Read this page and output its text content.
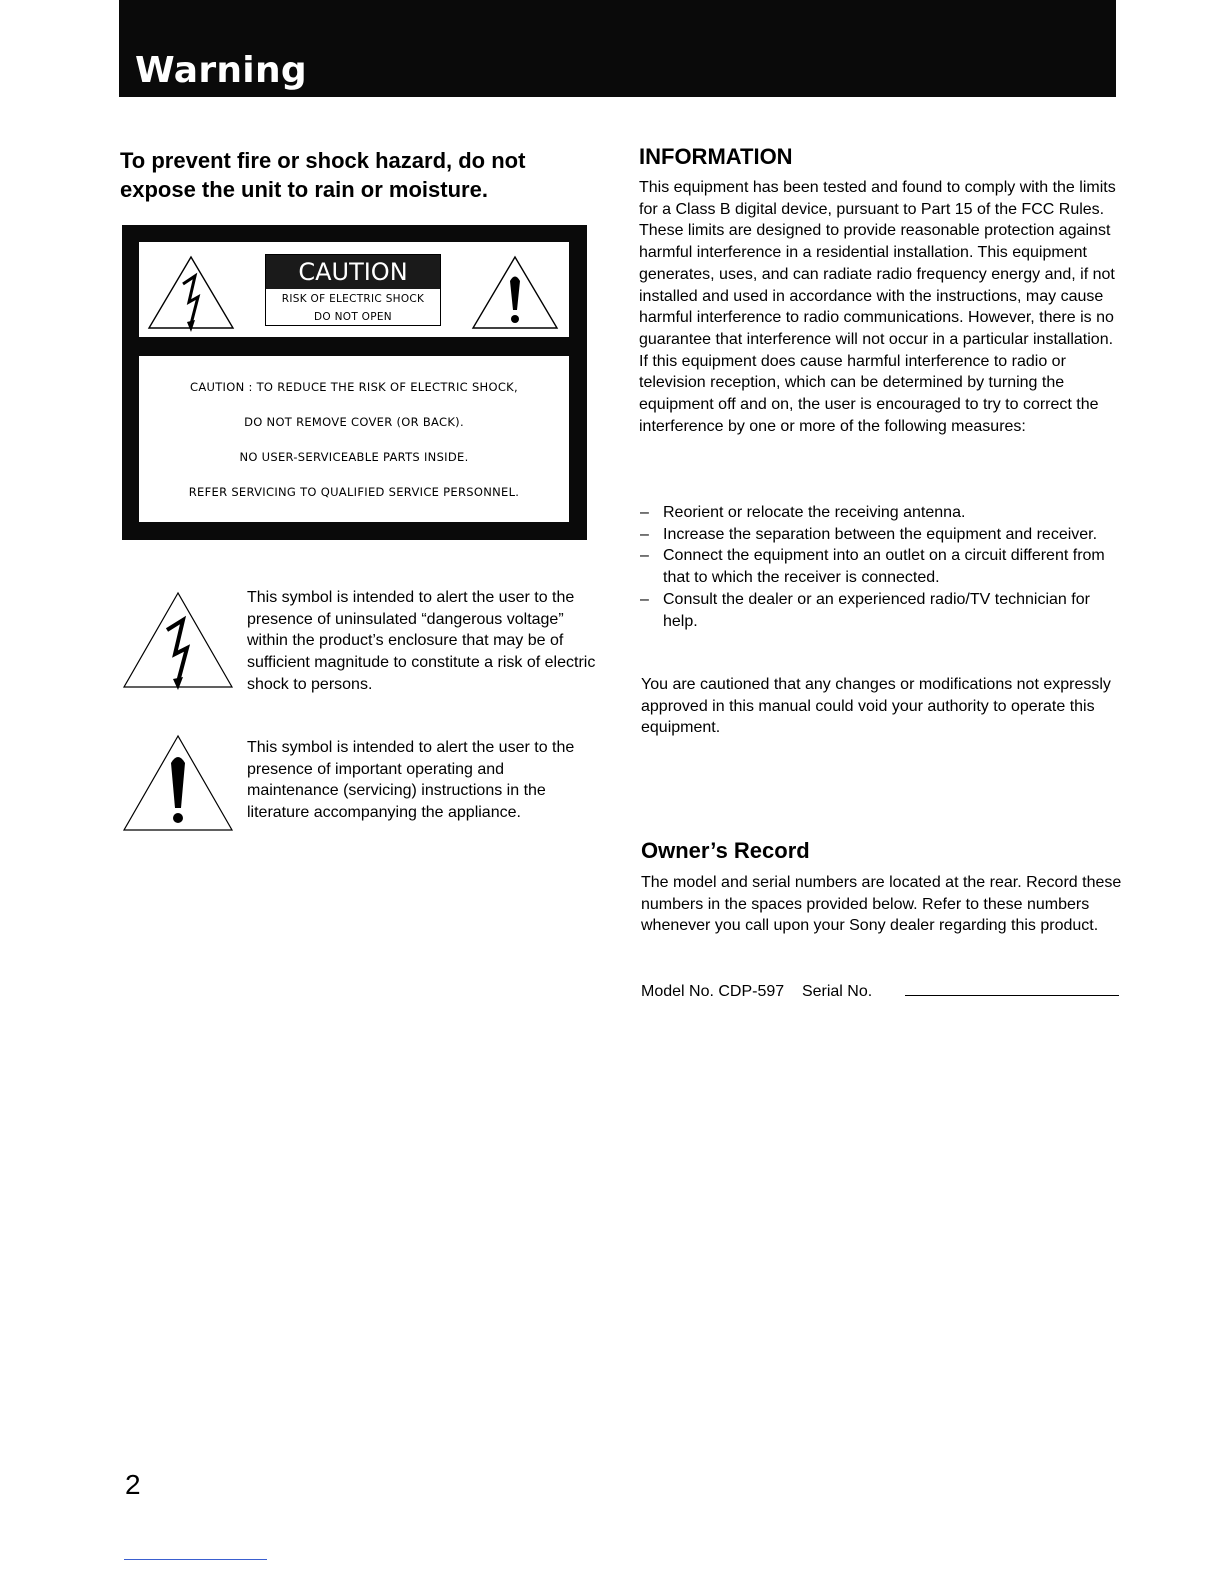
Warning
To prevent fire or shock hazard, do not expose the unit to rain or moisture.
CAUTION
RISK OF ELECTRIC SHOCK
DO NOT OPEN
CAUTION : TO REDUCE THE RISK OF ELECTRIC SHOCK,
DO NOT REMOVE COVER (OR BACK).
NO USER-SERVICEABLE PARTS INSIDE.
REFER SERVICING TO QUALIFIED SERVICE PERSONNEL.
This symbol is intended to alert the user to the presence of uninsulated “dangerous voltage” within the product’s enclosure that may be of sufficient magnitude to constitute a risk of electric shock to persons.
This symbol is intended to alert the user to the presence of important operating and maintenance (servicing) instructions in the literature accompanying the appliance.
INFORMATION
This equipment has been tested and found to comply with the limits for a Class B digital device, pursuant to Part 15 of the FCC Rules. These limits are designed to provide reasonable protection against harmful interference in a residential installation. This equipment generates, uses, and can radiate radio frequency energy and, if not installed and used in accordance with the instructions, may cause harmful interference to radio communications. However, there is no guarantee that interference will not occur in a particular installation. If this equipment does cause harmful interference to radio or television reception, which can be determined by turning the equipment off and on, the user is encouraged to try to correct the interference by one or more of the following measures:
– Reorient or relocate the receiving antenna.
– Increase the separation between the equipment and receiver.
– Connect the equipment into an outlet on a circuit different from that to which the receiver is connected.
– Consult the dealer or an experienced radio/TV technician for help.
You are cautioned that any changes or modifications not expressly approved in this manual could void your authority to operate this equipment.
Owner’s Record
The model and serial numbers are located at the rear. Record these numbers in the spaces provided below. Refer to these numbers whenever you call upon your Sony dealer regarding this product.
Model No. CDP-597    Serial No.
2
